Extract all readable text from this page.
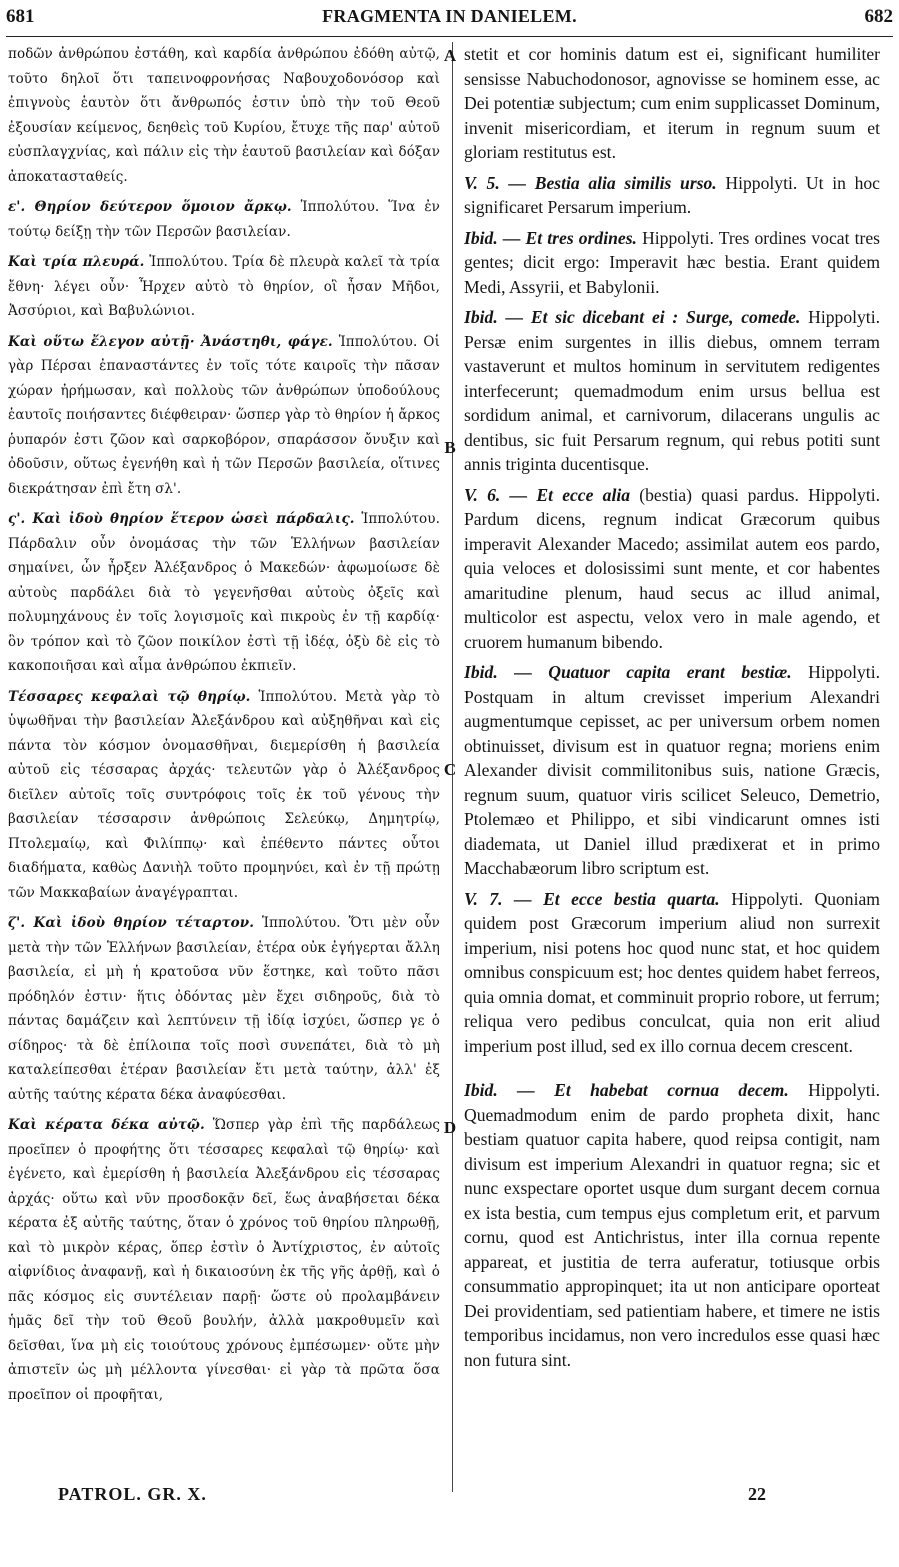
681	FRAGMENTA IN DANIELEM.	682

ποδῶν ἀνθρώπου ἐστάθη, καὶ καρδία ἀνθρώπου ἐδόθη αὐτῷ, τοῦτο δηλοῖ ὅτι ταπεινοφρονήσας Ναβουχοδονόσορ καὶ ἐπιγνοὺς ἑαυτὸν ὅτι ἄνθρωπός ἐστιν ὑπὸ τὴν τοῦ Θεοῦ ἐξουσίαν κείμενος, δεηθεὶς τοῦ Κυρίου, ἔτυχε τῆς παρ' αὐτοῦ εὐσπλαγχνίας, καὶ πάλιν εἰς τὴν ἑαυτοῦ βασιλείαν καὶ δόξαν ἀποκατασταθείς.

ε'. Θηρίον δεύτερον ὅμοιον ἄρκῳ. Ἱππολύτου. Ἵνα ἐν τούτῳ δείξῃ τὴν τῶν Περσῶν βασιλείαν.

Καὶ τρία πλευρά. Ἱππολύτου. Τρία δὲ πλευρὰ καλεῖ τὰ τρία ἔθνη· λέγει οὖν· Ἦρχεν αὐτὸ τὸ θηρίον, οἳ ἦσαν Μῆδοι, Ἀσσύριοι, καὶ Βαβυλώνιοι.

Καὶ οὕτω ἔλεγον αὐτῇ· Ἀνάστηθι, φάγε. Ἱππολύτου. Οἱ γὰρ Πέρσαι ἐπαναστάντες ἐν τοῖς τότε καιροῖς τὴν πᾶσαν χώραν ἠρήμωσαν, καὶ πολλοὺς τῶν ἀνθρώπων ὑποδούλους ἑαυτοῖς ποιήσαντες διέφθειραν· ὥσπερ γὰρ τὸ θηρίον ἡ ἄρκος ῥυπαρόν ἐστι ζῶον καὶ σαρκοβόρον, σπαράσσον ὄνυξιν καὶ ὀδοῦσιν, οὕτως ἐγενήθη καὶ ἡ τῶν Περσῶν βασιλεία, οἵτινες διεκράτησαν ἐπὶ ἔτη σλ'.

ς'. Καὶ ἰδοὺ θηρίον ἕτερον ὡσεὶ πάρδαλις. Ἱππολύτου. Πάρδαλιν οὖν ὀνομάσας τὴν τῶν Ἑλλήνων βασιλείαν σημαίνει, ὧν ἦρξεν Ἀλέξανδρος ὁ Μακεδών· ἀφωμοίωσε δὲ αὐτοὺς παρδάλει διὰ τὸ γεγενῆσθαι αὐτοὺς ὀξεῖς καὶ πολυμηχάνους ἐν τοῖς λογισμοῖς καὶ πικροὺς ἐν τῇ καρδίᾳ· ὃν τρόπον καὶ τὸ ζῶον ποικίλον ἐστὶ τῇ ἰδέᾳ, ὀξὺ δὲ εἰς τὸ κακοποιῆσαι καὶ αἷμα ἀνθρώπου ἐκπιεῖν.

Τέσσαρες κεφαλαὶ τῷ θηρίῳ. Ἱππολύτου. Μετὰ γὰρ τὸ ὑψωθῆναι τὴν βασιλείαν Ἀλεξάνδρου καὶ αὐξηθῆναι καὶ εἰς πάντα τὸν κόσμον ὀνομασθῆναι, διεμερίσθη ἡ βασιλεία αὐτοῦ εἰς τέσσαρας ἀρχάς· τελευτῶν γὰρ ὁ Ἀλέξανδρος διεῖλεν αὐτοῖς τοῖς συντρόφοις τοῖς ἐκ τοῦ γένους τὴν βασιλείαν τέσσαρσιν ἀνθρώποις Σελεύκῳ, Δημητρίῳ, Πτολεμαίῳ, καὶ Φιλίππῳ· καὶ ἐπέθεντο πάντες οὗτοι διαδήματα, καθὼς Δανιὴλ τοῦτο προμηνύει, καὶ ἐν τῇ πρώτῃ τῶν Μακκαβαίων ἀναγέγραπται.

ζ'. Καὶ ἰδοὺ θηρίον τέταρτον. Ἱππολύτου. Ὅτι μὲν οὖν μετὰ τὴν τῶν Ἑλλήνων βασιλείαν, ἑτέρα οὐκ ἐγήγερται ἄλλη βασιλεία, εἰ μὴ ἡ κρατοῦσα νῦν ἕστηκε, καὶ τοῦτο πᾶσι πρόδηλόν ἐστιν· ἥτις ὀδόντας μὲν ἔχει σιδηροῦς, διὰ τὸ πάντας δαμάζειν καὶ λεπτύνειν τῇ ἰδίᾳ ἰσχύει, ὥσπερ γε ὁ σίδηρος· τὰ δὲ ἐπίλοιπα τοῖς ποσὶ συνεπάτει, διὰ τὸ μὴ καταλείπεσθαι ἑτέραν βασιλείαν ἔτι μετὰ ταύτην, ἀλλ' ἐξ αὐτῆς ταύτης κέρατα δέκα ἀναφύεσθαι.

Καὶ κέρατα δέκα αὐτῷ. Ὥσπερ γὰρ ἐπὶ τῆς παρδάλεως προεῖπεν ὁ προφήτης ὅτι τέσσαρες κεφαλαὶ τῷ θηρίῳ· καὶ ἐγένετο, καὶ ἐμερίσθη ἡ βασιλεία Ἀλεξάνδρου εἰς τέσσαρας ἀρχάς· οὕτω καὶ νῦν προσδοκᾷν δεῖ, ἕως ἀναβήσεται δέκα κέρατα ἐξ αὐτῆς ταύτης, ὅταν ὁ χρόνος τοῦ θηρίου πληρωθῇ, καὶ τὸ μικρὸν κέρας, ὅπερ ἐστὶν ὁ Ἀντίχριστος, ἐν αὐτοῖς αἰφνίδιος ἀναφανῇ, καὶ ἡ δικαιοσύνη ἐκ τῆς γῆς ἀρθῇ, καὶ ὁ πᾶς κόσμος εἰς συντέλειαν παρῇ· ὥστε οὐ προλαμβάνειν ἡμᾶς δεῖ τὴν τοῦ Θεοῦ βουλήν, ἀλλὰ μακροθυμεῖν καὶ δεῖσθαι, ἵνα μὴ εἰς τοιούτους χρόνους ἐμπέσωμεν· οὔτε μὴν ἀπιστεῖν ὡς μὴ μέλλοντα γίνεσθαι· εἰ γὰρ τὰ πρῶτα ὅσα προεῖπον οἱ προφῆται,

A
B
C
D

stetit et cor hominis datum est ei, significant humiliter sensisse Nabuchodonosor, agnovisse se hominem esse, ac Dei potentiæ subjectum; cum enim supplicasset Dominum, invenit misericordiam, et iterum in regnum suum et gloriam restitutus est.

V. 5. — Bestia alia similis urso. Hippolyti. Ut in hoc significaret Persarum imperium.

Ibid. — Et tres ordines. Hippolyti. Tres ordines vocat tres gentes; dicit ergo: Imperavit hæc bestia. Erant quidem Medi, Assyrii, et Babylonii.

Ibid. — Et sic dicebant ei : Surge, comede. Hippolyti. Persæ enim surgentes in illis diebus, omnem terram vastaverunt et multos hominum in servitutem redigentes interfecerunt; quemadmodum enim ursus bellua est sordidum animal, et carnivorum, dilacerans ungulis ac dentibus, sic fuit Persarum regnum, qui rebus potiti sunt annis triginta ducentisque.

V. 6. — Et ecce alia (bestia) quasi pardus. Hippolyti. Pardum dicens, regnum indicat Græcorum quibus imperavit Alexander Macedo; assimilat autem eos pardo, quia veloces et dolosissimi sunt mente, et cor habentes amaritudine plenum, haud secus ac illud animal, multicolor est aspectu, velox vero in male agendo, et cruorem humanum bibendo.

Ibid. — Quatuor capita erant bestiæ. Hippolyti. Postquam in altum crevisset imperium Alexandri augmentumque cepisset, ac per universum orbem nomen obtinuisset, divisum est in quatuor regna; moriens enim Alexander divisit commilitonibus suis, natione Græcis, regnum suum, quatuor viris scilicet Seleuco, Demetrio, Ptolemæo et Philippo, et sibi vindicarunt omnes isti diademata, ut Daniel illud prædixerat et in primo Macchabæorum libro scriptum est.

V. 7. — Et ecce bestia quarta. Hippolyti. Quoniam quidem post Græcorum imperium aliud non surrexit imperium, nisi potens hoc quod nunc stat, et hoc quidem omnibus conspicuum est; hoc dentes quidem habet ferreos, quia omnia domat, et comminuit proprio robore, ut ferrum; reliqua vero pedibus conculcat, quia non erit aliud imperium post illud, sed ex illo cornua decem crescent.

Ibid. — Et habebat cornua decem. Hippolyti. Quemadmodum enim de pardo propheta dixit, hanc bestiam quatuor capita habere, quod reipsa contigit, nam divisum est imperium Alexandri in quatuor regna; sic et nunc exspectare oportet usque dum surgant decem cornua ex ista bestia, cum tempus ejus completum erit, et parvum cornu, quod est Antichristus, inter illa cornua repente appareat, et justitia de terra auferatur, totiusque orbis consummatio appropinquet; ita ut non anticipare oporteat Dei providentiam, sed patientiam habere, et timere ne istis temporibus incidamus, non vero incredulos esse quasi hæc non futura sint.

PATROL. GR. X.	22
